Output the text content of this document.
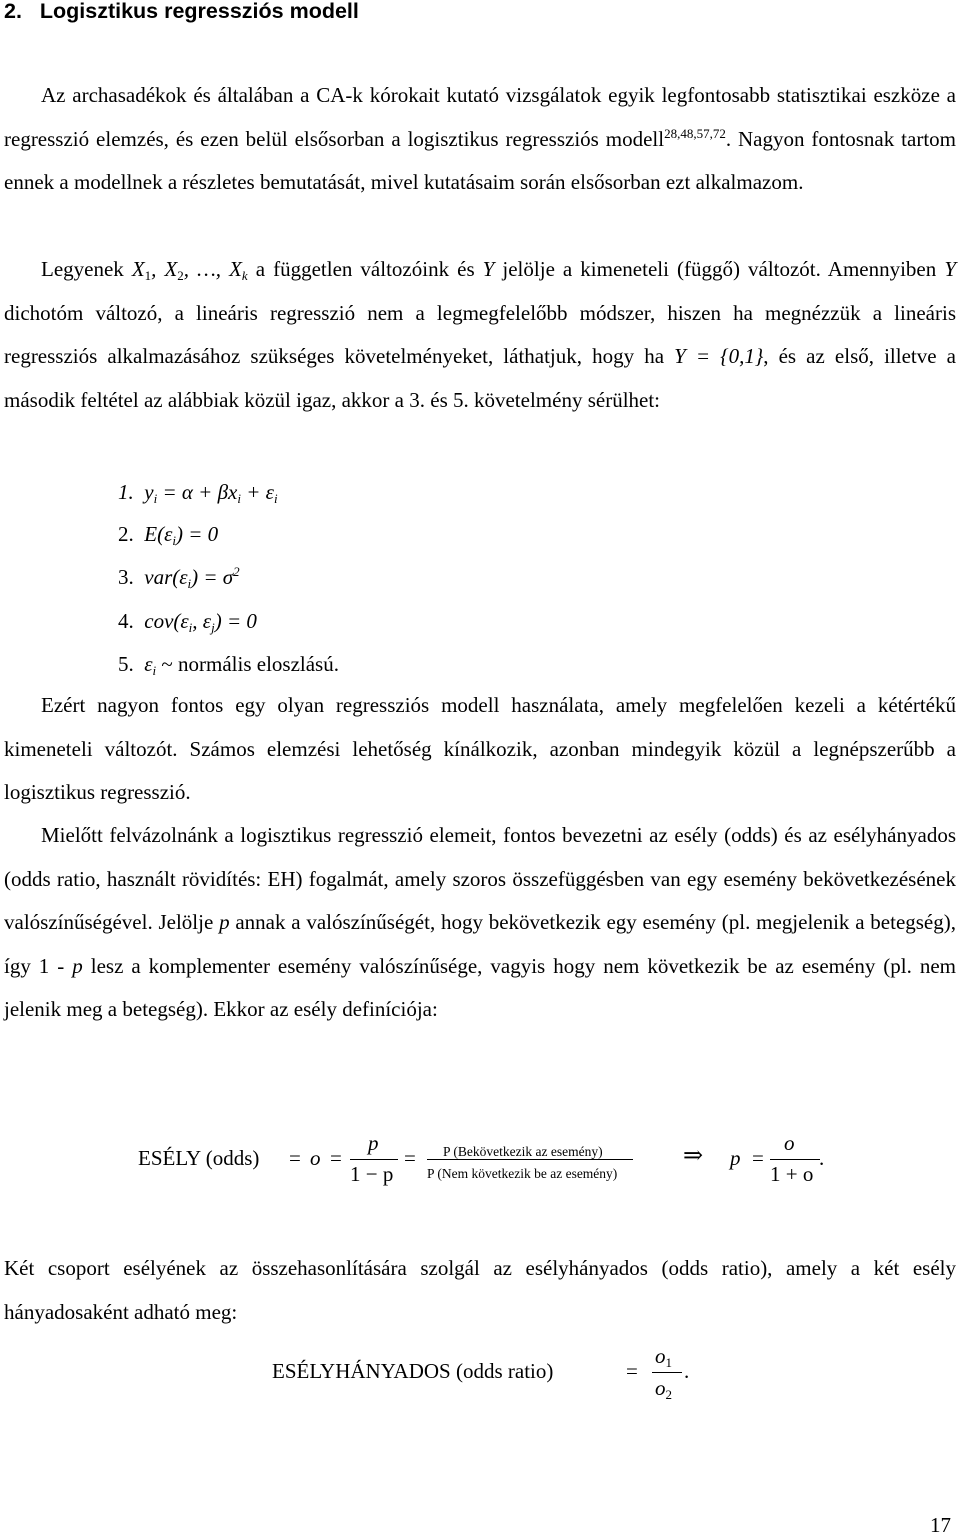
2. Logisztikus regressziós modell

Az archasadékok és általában a CA-k kórokait kutató vizsgálatok egyik legfontosabb statisztikai eszköze a regresszió elemzés, és ezen belül elsősorban a logisztikus regressziós modell$^{28,48,57,72}$. Nagyon fontosnak tartom ennek a modellnek a részletes bemutatását, mivel kutatásaim során elsősorban ezt alkalmazom.

Legyenek $X_1$, $X_2$, …, $X_k$ a független változóink és Y jelölje a kimeneteli (függő) változót. Amennyiben Y dichotóm változó, a lineáris regresszió nem a legmegfelelőbb módszer, hiszen ha megnézzük a lineáris regressziós alkalmazásához szükséges követelményeket, láthatjuk, hogy ha Y = {0,1}, és az első, illetve a második feltétel az alábbiak közül igaz, akkor a 3. és 5. követelmény sérülhet:

1. $y_i = \alpha + \beta x_i + \varepsilon_i$
2. $E(\varepsilon_i) = 0$
3. $var(\varepsilon_i) = \sigma^2$
4. $cov(\varepsilon_i$, $\varepsilon_j) = 0$
5. $\varepsilon_i$ ~ normális eloszlású.

Ezért nagyon fontos egy olyan regressziós modell használata, amely megfelelően kezeli a kétértékű kimeneteli változót. Számos elemzési lehetőség kínálkozik, azonban mindegyik közül a legnépszerűbb a logisztikus regresszió.

Mielőtt felvázolnánk a logisztikus regresszió elemeit, fontos bevezetni az esély (odds) és az esélyhányados (odds ratio, használt rövidítés: EH) fogalmát, amely szoros összefüggésben van egy esemény bekövetkezésének valószínűségével. Jelölje p annak a valószínűségét, hogy bekövetkezik egy esemény (pl. megjelenik a betegség), így 1 - p lesz a komplementer esemény valószínűsége, vagyis hogy nem következik be az esemény (pl. nem jelenik meg a betegség). Ekkor az esély definíciója:

ESÉLY (odds) = o =
p
1 − p
= P (Bekövetkezik az esemény)
P (Nem következik be az esemény)
⇒ p =
o
1 + o
.

Két csoport esélyének az összehasonlítására szolgál az esélyhányados (odds ratio), amely a két esély hányadosaként adható meg:

ESÉLYHÁNYADOS (odds ratio)	=
$o_1$
$o_2$
.
17
